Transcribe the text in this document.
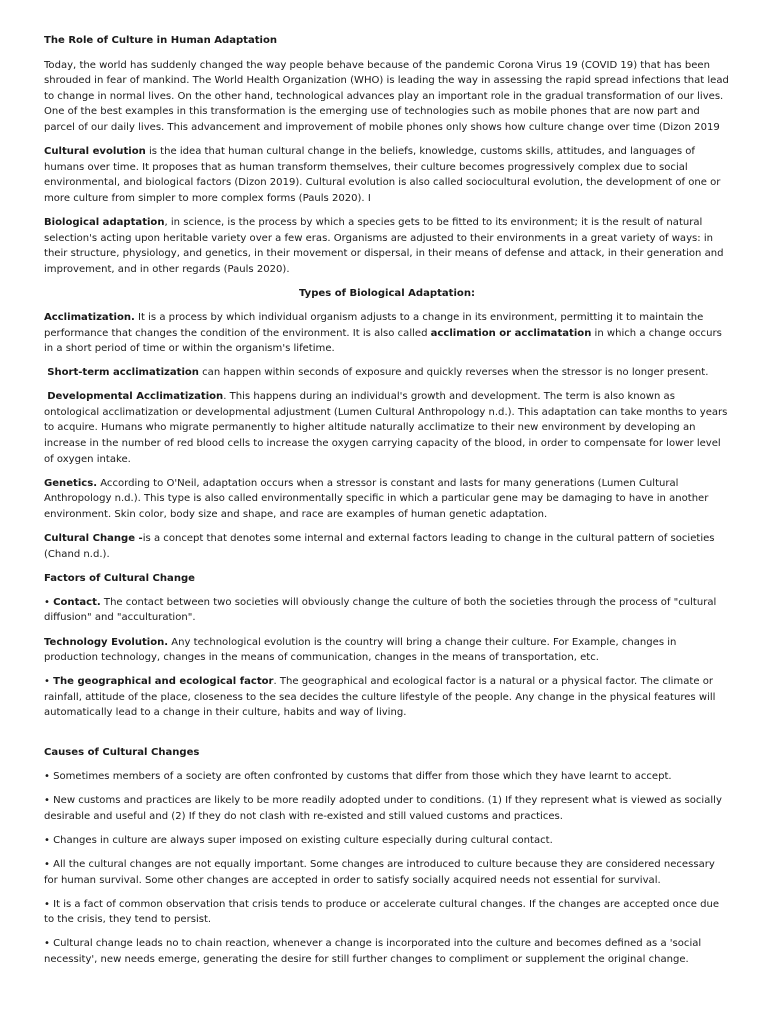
The Role of Culture in Human Adaptation

Today, the world has suddenly changed the way people behave because of the pandemic Corona Virus 19 (COVID 19) that has been shrouded in fear of mankind. The World Health Organization (WHO) is leading the way in assessing the rapid spread infections that lead to change in normal lives. On the other hand, technological advances play an important role in the gradual transformation of our lives. One of the best examples in this transformation is the emerging use of technologies such as mobile phones that are now part and parcel of our daily lives. This advancement and improvement of mobile phones only shows how culture change over time (Dizon 2019

Cultural evolution is the idea that human cultural change in the beliefs, knowledge, customs skills, attitudes, and languages of humans over time. It proposes that as human transform themselves, their culture becomes progressively complex due to social environmental, and biological factors (Dizon 2019). Cultural evolution is also called sociocultural evolution, the development of one or more culture from simpler to more complex forms (Pauls 2020). I

Biological adaptation, in science, is the process by which a species gets to be fitted to its environment; it is the result of natural selection's acting upon heritable variety over a few eras. Organisms are adjusted to their environments in a great variety of ways: in their structure, physiology, and genetics, in their movement or dispersal, in their means of defense and attack, in their generation and improvement, and in other regards (Pauls 2020).

Types of Biological Adaptation:

Acclimatization. It is a process by which individual organism adjusts to a change in its environment, permitting it to maintain the performance that changes the condition of the environment. It is also called acclimation or acclimatation in which a change occurs in a short period of time or within the organism's lifetime.

Short-term acclimatization can happen within seconds of exposure and quickly reverses when the stressor is no longer present.

Developmental Acclimatization. This happens during an individual's growth and development. The term is also known as ontological acclimatization or developmental adjustment (Lumen Cultural Anthropology n.d.). This adaptation can take months to years to acquire. Humans who migrate permanently to higher altitude naturally acclimatize to their new environment by developing an increase in the number of red blood cells to increase the oxygen carrying capacity of the blood, in order to compensate for lower level of oxygen intake.

Genetics. According to O'Neil, adaptation occurs when a stressor is constant and lasts for many generations (Lumen Cultural Anthropology n.d.). This type is also called environmentally specific in which a particular gene may be damaging to have in another environment. Skin color, body size and shape, and race are examples of human genetic adaptation.

Cultural Change -is a concept that denotes some internal and external factors leading to change in the cultural pattern of societies (Chand n.d.).

Factors of Cultural Change

• Contact. The contact between two societies will obviously change the culture of both the societies through the process of "cultural diffusion" and "acculturation".

Technology Evolution. Any technological evolution is the country will bring a change their culture. For Example, changes in production technology, changes in the means of communication, changes in the means of transportation, etc.

• The geographical and ecological factor. The geographical and ecological factor is a natural or a physical factor. The climate or rainfall, attitude of the place, closeness to the sea decides the culture lifestyle of the people. Any change in the physical features will automatically lead to a change in their culture, habits and way of living.

Causes of Cultural Changes

• Sometimes members of a society are often confronted by customs that differ from those which they have learnt to accept.

• New customs and practices are likely to be more readily adopted under to conditions. (1) If they represent what is viewed as socially desirable and useful and (2) If they do not clash with re-existed and still valued customs and practices.

• Changes in culture are always super imposed on existing culture especially during cultural contact.

• All the cultural changes are not equally important. Some changes are introduced to culture because they are considered necessary for human survival. Some other changes are accepted in order to satisfy socially acquired needs not essential for survival.

• It is a fact of common observation that crisis tends to produce or accelerate cultural changes. If the changes are accepted once due to the crisis, they tend to persist.

• Cultural change leads no to chain reaction, whenever a change is incorporated into the culture and becomes defined as a 'social necessity', new needs emerge, generating the desire for still further changes to compliment or supplement the original change.
